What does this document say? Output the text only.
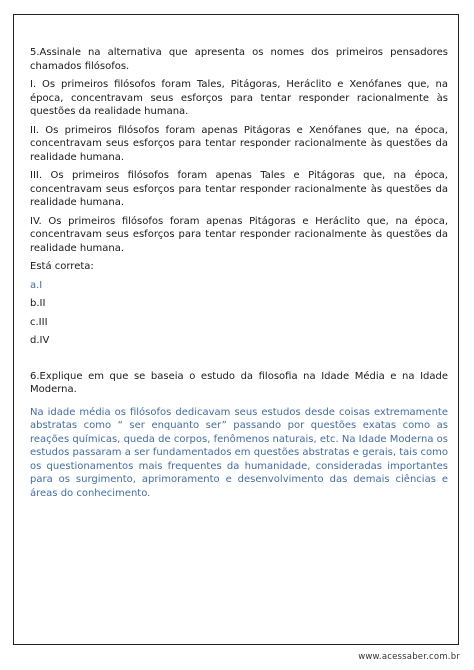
5.Assinale na alternativa que apresenta os nomes dos primeiros pensadores chamados filósofos.

I. Os primeiros filósofos foram Tales, Pitágoras, Heráclito e Xenófanes que, na época, concentravam seus esforços para tentar responder racionalmente às questões da realidade humana.

II. Os primeiros filósofos foram apenas Pitágoras e Xenófanes que, na época, concentravam seus esforços para tentar responder racionalmente às questões da realidade humana.

III. Os primeiros filósofos foram apenas Tales e Pitágoras que, na época, concentravam seus esforços para tentar responder racionalmente às questões da realidade humana.

IV. Os primeiros filósofos foram apenas Pitágoras e Heráclito que, na época, concentravam seus esforços para tentar responder racionalmente às questões da realidade humana.

Está correta:

a.I

b.II

c.III

d.IV

6.Explique em que se baseia o estudo da filosofia na Idade Média e na Idade Moderna.

Na idade média os filósofos dedicavam seus estudos desde coisas extremamente abstratas como “ ser enquanto ser” passando por questões exatas como as reações químicas, queda de corpos, fenômenos naturais, etc. Na Idade Moderna os estudos passaram a ser fundamentados em questões abstratas e gerais, tais como os questionamentos mais frequentes da humanidade, consideradas importantes para os surgimento, aprimoramento e desenvolvimento das demais ciências e áreas do conhecimento.

www.acessaber.com.br
